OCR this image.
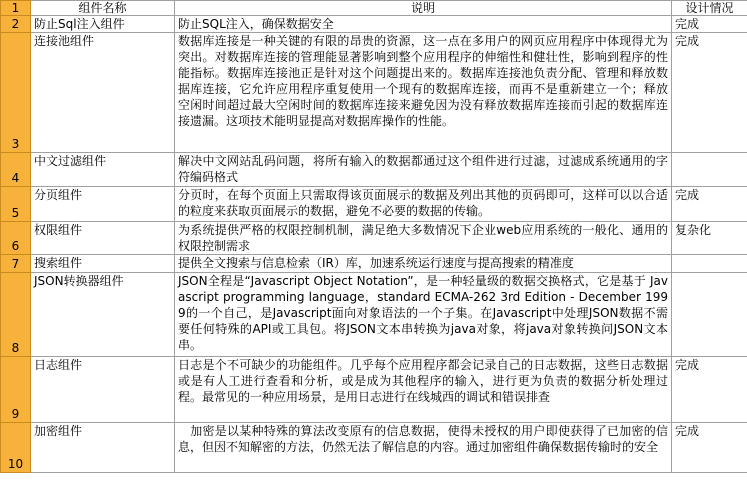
1	组件名称	说明	设计情况
2	防止Sql注入组件	防止SQL注入，确保数据安全	完成
3	连接池组件	数据库连接是一种关键的有限的昂贵的资源，这一点在多用户的网页应用程序中体现得尤为突出。对数据库连接的管理能显著影响到整个应用程序的伸缩性和健壮性，影响到程序的性能指标。数据库连接池正是针对这个问题提出来的。数据库连接池负责分配、管理和释放数据库连接，它允许应用程序重复使用一个现有的数据库连接，而再不是重新建立一个；释放空闲时间超过最大空闲时间的数据库连接来避免因为没有释放数据库连接而引起的数据库连接遗漏。这项技术能明显提高对数据库操作的性能。	完成
4	中文过滤组件	解决中文网站乱码问题，将所有输入的数据都通过这个组件进行过滤，过滤成系统通用的字符编码格式	
5	分页组件	分页时，在每个页面上只需取得该页面展示的数据及列出其他的页码即可，这样可以以合适的粒度来获取页面展示的数据，避免不必要的数据的传输。	完成
6	权限组件	为系统提供严格的权限控制机制，满足绝大多数情况下企业web应用系统的一般化、通用的权限控制需求	复杂化
7	搜索组件	提供全文搜索与信息检索（IR）库，加速系统运行速度与提高搜索的精准度	
8	JSON转换器组件	JSON全程是“Javascript Object Notation”，是一种轻量级的数据交换格式，它是基于 Javascript programming language，standard ECMA-262 3rd Edition - December 1999的一个自己，是Javascript面向对象语法的一个子集。在Javascript中处理JSON数据不需要任何特殊的API或工具包。将JSON文本串转换为java对象，将java对象转换问JSON文本串。	
9	日志组件	日志是个不可缺少的功能组件。几乎每个应用程序都会记录自己的日志数据，这些日志数据或是有人工进行查看和分析，或是成为其他程序的输入，进行更为负责的数据分析处理过程。最常见的一种应用场景，是用日志进行在线城西的调试和错误排查	完成
10	加密组件	　加密是以某种特殊的算法改变原有的信息数据，使得未授权的用户即使获得了已加密的信息，但因不知解密的方法，仍然无法了解信息的内容。通过加密组件确保数据传输时的安全	完成
